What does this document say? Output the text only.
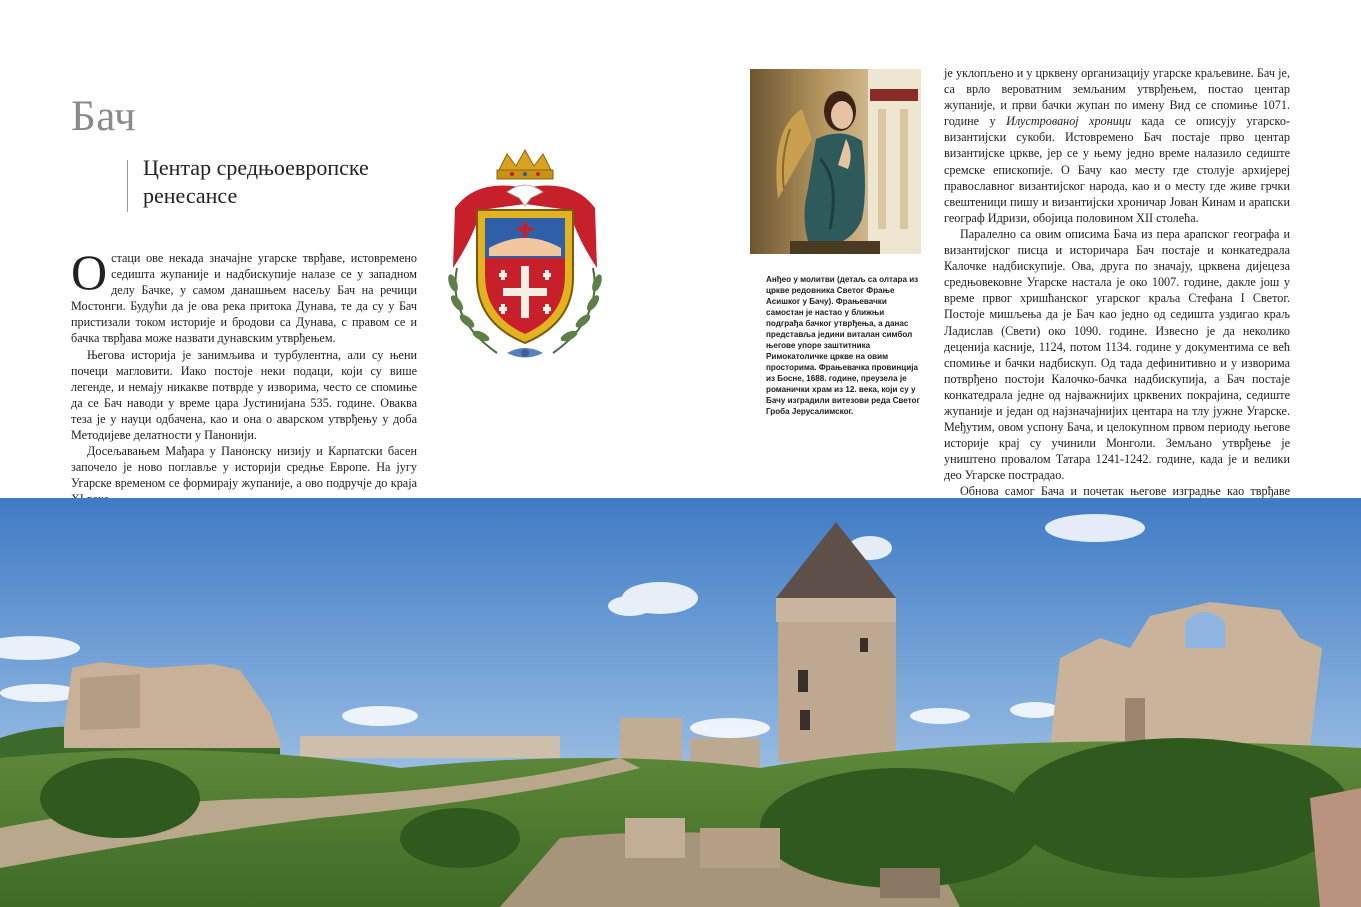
Бач
Центар средњоевропске ренесансе

Остаци ове некада значајне угарске тврђаве, истовремено седишта жупаније и надбискупије налазе се у западном делу Бачке, у самом данашњем насељу Бач на речици Мостонги. Будући да је ова река притока Дунава, те да су у Бач пристизали током историје и бродови са Дунава, с правом се и бачка тврђава може назвати дунавским утврђењем.

Његова историја је занимљива и турбулентна, али су њени почеци магловити. Иако постоје неки подаци, који су више легенде, и немају никакве потврде у изворима, често се спомиње да се Бач наводи у време цара Јустинијана 535. године. Оваква теза је у науци одбачена, као и она о аварском утврђењу у доба Методијеве делатности у Панонији.

Досељавањем Мађара у Панонску низију и Карпатски басен започело је ново поглавље у историји средње Европе. На југу Угарске временом се формирају жупаније, а ово подручје до краја

Анђео у молитви (детаљ са олтара из цркве редовника Светог Фрање Асишког у Бачу). Фрањевачки самостан је настао у ближњи подграђа бачког утврђења, а данас представља једини виталан симбол његове упоре заштитника Римокатоличке цркве на овим просторима. Фрањевачка провинција из Босне, 1688. године, преузела је романички храм из 12. века, који су у Бачу изградили витезови реда Светог Гроба Јерусалимског.

је уклопљено и у црквену организацију угарске краљевине. Бач је, са врло вероватним земљаним утврђењем, постао центар жупаније, и први бачки жупан по имену Вид се спомиње 1071. године у Илустрованој хроници када се описују угарско-византијски сукоби. Истовремено Бач постаје прво центар византијске цркве, јер се у њему једно време налазило седиште сремске епископије. О Бачу као месту где столује архијереј православног византијског народа, као и о месту где живе грчки свештеници пишу и византијски хроничар Јован Кинам и арапски географ Идризи, обојица половином XII столећа.

Паралелно са овим описима Бача из пера арапског географа и византијског писца и историчара Бач постаје и конкатедрала Калочке надбискупије. Ова, друга по значају, црквена диjецеза средњовековне Угарске настала је око 1007. године, дакле још у време првог хришћанског угарског краља Стефана I Светог. Постоје мишљења да је Бач као једно од седишта уздигао краљ Ладислав (Свети) око 1090. године. Извесно је да неколико деценија касније, 1124, потом 1134. године у документима се већ спомиње и бачки надбискуп. Од тада дефинитивно и у изворима потврђено постоји Калочко-бачка надбискупија, а Бач постаје конкатедрала једне од најважнијих црквених покрајина, седиште жупаније и један од најзначајнијих центара на тлу јужне Угарске. Међутим, овом успону Бача, и целокупном првом периоду његове историје крај су учинили Монголи. Земљано утврђење је уништено провалом Татара 1241-1242. године, када је и велики део Угарске пострадао.

Обнова самог Бача и почетак његове изградње као тврђаве
